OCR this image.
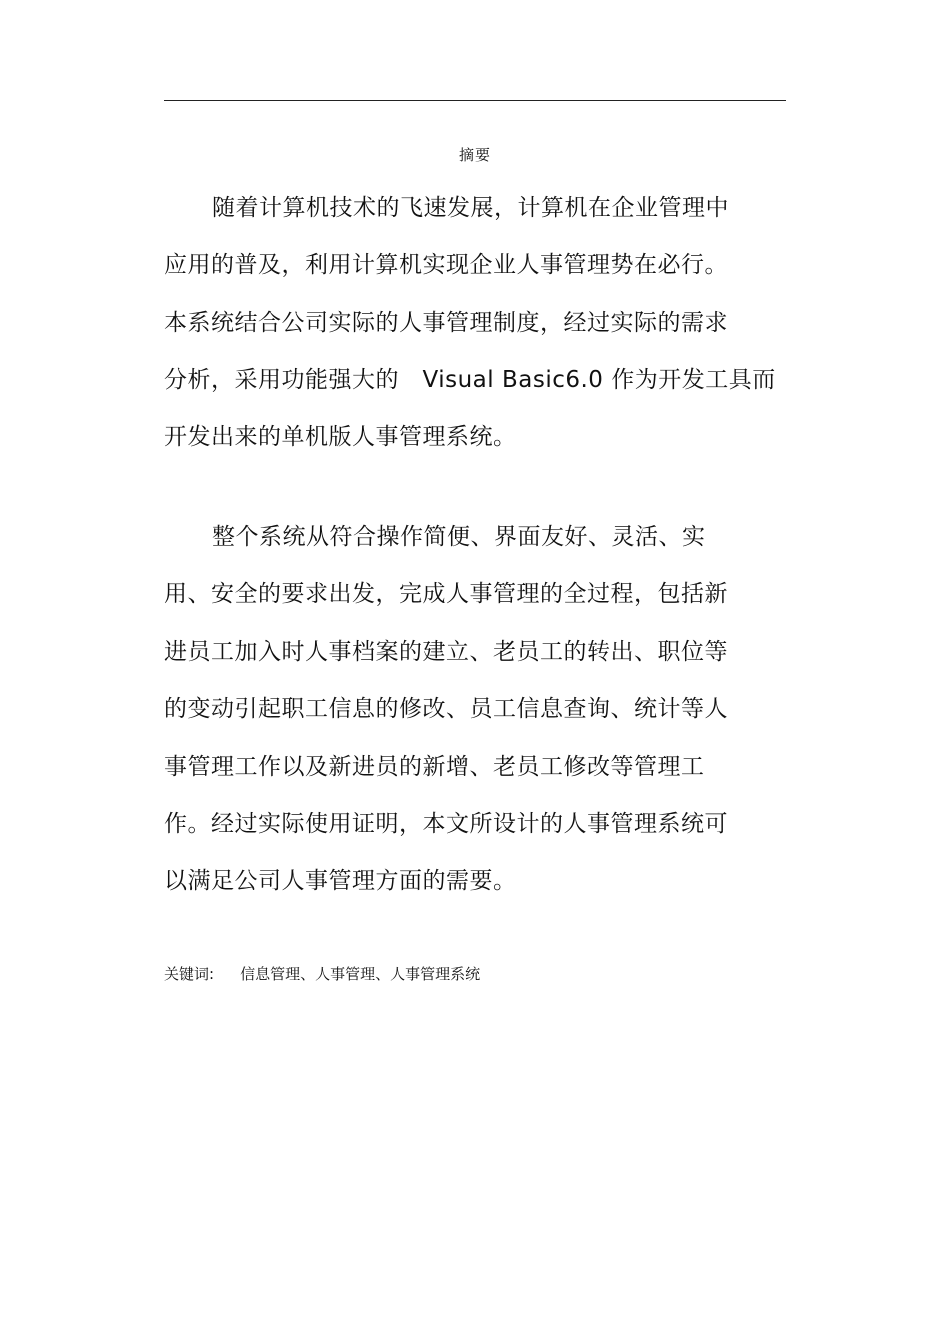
摘要
随着计算机技术的飞速发展，计算机在企业管理中
应用的普及，利用计算机实现企业人事管理势在必行。
本系统结合公司实际的人事管理制度，经过实际的需求
分析，采用功能强大的　Visual Basic6.0 作为开发工具而
开发出来的单机版人事管理系统。
整个系统从符合操作简便、界面友好、灵活、实
用、安全的要求出发，完成人事管理的全过程，包括新
进员工加入时人事档案的建立、老员工的转出、职位等
的变动引起职工信息的修改、员工信息查询、统计等人
事管理工作以及新进员的新增、老员工修改等管理工
作。经过实际使用证明，本文所设计的人事管理系统可
以满足公司人事管理方面的需要。
关键词: 信息管理、人事管理、人事管理系统
